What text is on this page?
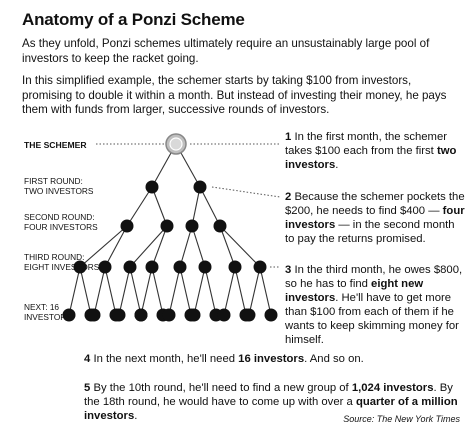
Anatomy of a Ponzi Scheme
As they unfold, Ponzi schemes ultimately require an unsustainably large pool of investors to keep the racket going.
In this simplified example, the schemer starts by taking $100 from investors, promising to double it within a month. But instead of investing their money, he pays them with funds from larger, successive rounds of investors.
THE SCHEMER
FIRST ROUND:
TWO INVESTORS
SECOND ROUND:
FOUR INVESTORS
THIRD ROUND:
EIGHT INVESTORS
NEXT: 16
INVESTORS
1 In the first month, the schemer takes $100 each from the first two investors.
2 Because the schemer pockets the $200, he needs to find $400 — four investors — in the second month to pay the returns promised.
3 In the third month, he owes $800, so he has to find eight new investors. He'll have to get more than $100 from each of them if he wants to keep skimming money for himself.
4 In the next month, he'll need 16 investors. And so on.
5 By the 10th round, he'll need to find a new group of 1,024 investors. By the 18th round, he would have to come up with over a quarter of a million investors.	Source: The New York Times
